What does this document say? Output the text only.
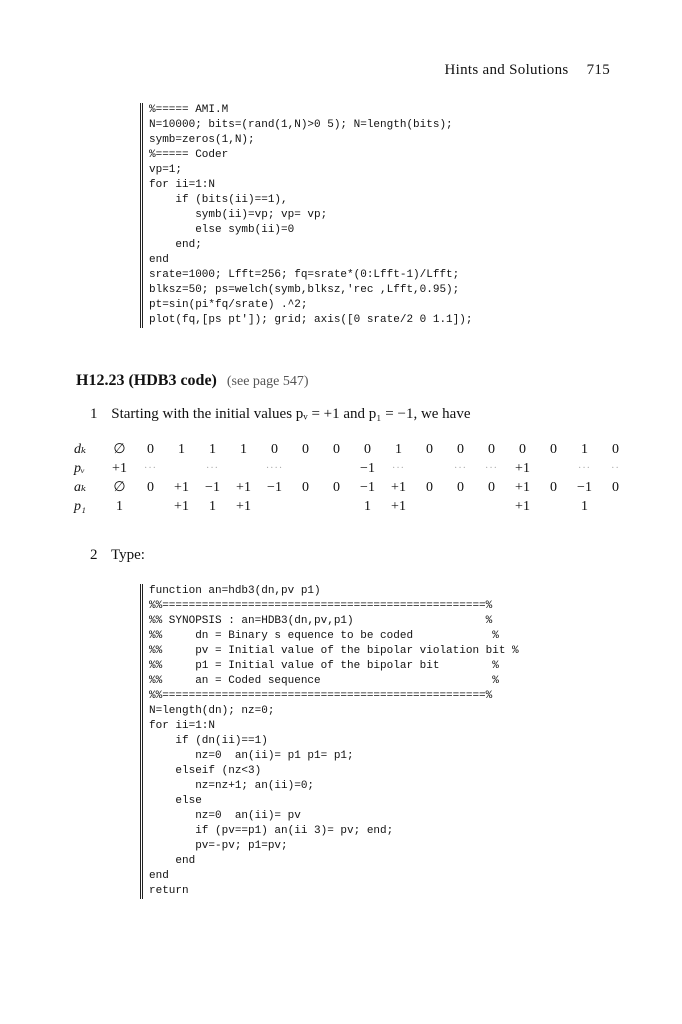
Hints and Solutions 715
%===== AMI.M
N=10000; bits=(rand(1,N)>0 5); N=length(bits);
symb=zeros(1,N);
%===== Coder
vp=1;
for ii=1:N
if (bits(ii)==1),
symb(ii)=vp; vp= vp;
else symb(ii)=0
end;
end
srate=1000; Lfft=256; fq=srate*(0:Lfft-1)/Lfft;
blksz=50; ps=welch(symb,blksz,'rec ,Lfft,0.95);
pt=sin(pi*fq/srate) .^2;
plot(fq,[ps pt']); grid; axis([0 srate/2 0 1.1]);
H12.23 (HDB3 code) (see page 547)
1 Starting with the initial values pᵥ = +1 and p₁ = −1, we have
dₖ	∅	0	1	1	1	0	0	0	0	1	0	0	0	0	0	1	0
pᵥ	+1	···		···		····			−1	···		···	···	+1		···	··
aₖ	∅	0	+1	−1	+1	−1	0	0	−1	+1	0	0	0	+1	0	−1	0
p₁	1		+1	1	+1				1	+1				+1		1	
2 Type:
function an=hdb3(dn,pv p1)
%%=================================================%
%% SYNOPSIS : an=HDB3(dn,pv,p1)                    %
%%     dn = Binary s equence to be coded            %
%%     pv = Initial value of the bipolar violation bit %
%%     p1 = Initial value of the bipolar bit        %
%%     an = Coded sequence                          %
%%=================================================%
N=length(dn); nz=0;
for ii=1:N
if (dn(ii)==1)
nz=0  an(ii)= p1 p1= p1;
elseif (nz<3)
nz=nz+1; an(ii)=0;
else
nz=0  an(ii)= pv
if (pv==p1) an(ii 3)= pv; end;
pv=-pv; p1=pv;
end
end
return
